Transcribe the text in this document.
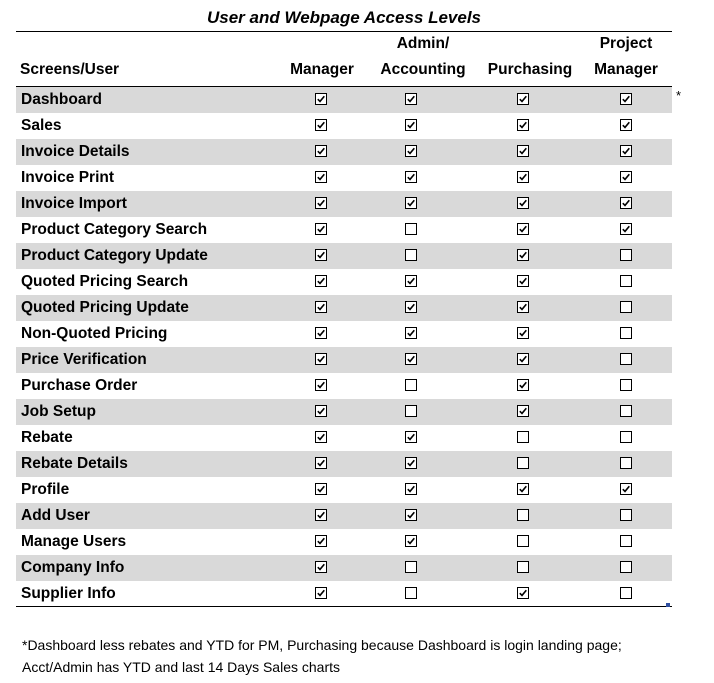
User and Webpage Access Levels
Screens/User	Manager
Admin/
Accounting	Purchasing
Project
Manager
Dashboard
Sales
Invoice Details
Invoice Print
Invoice Import
Product Category Search
Product Category Update
Quoted Pricing Search
Quoted Pricing Update
Non-Quoted Pricing
Price Verification
Purchase Order
Job Setup
Rebate
Rebate Details
Profile
Add User
Manage Users
Company Info
Supplier Info
*
*Dashboard less rebates and YTD for PM, Purchasing because Dashboard is login landing page;
Acct/Admin has YTD and last 14 Days Sales charts
